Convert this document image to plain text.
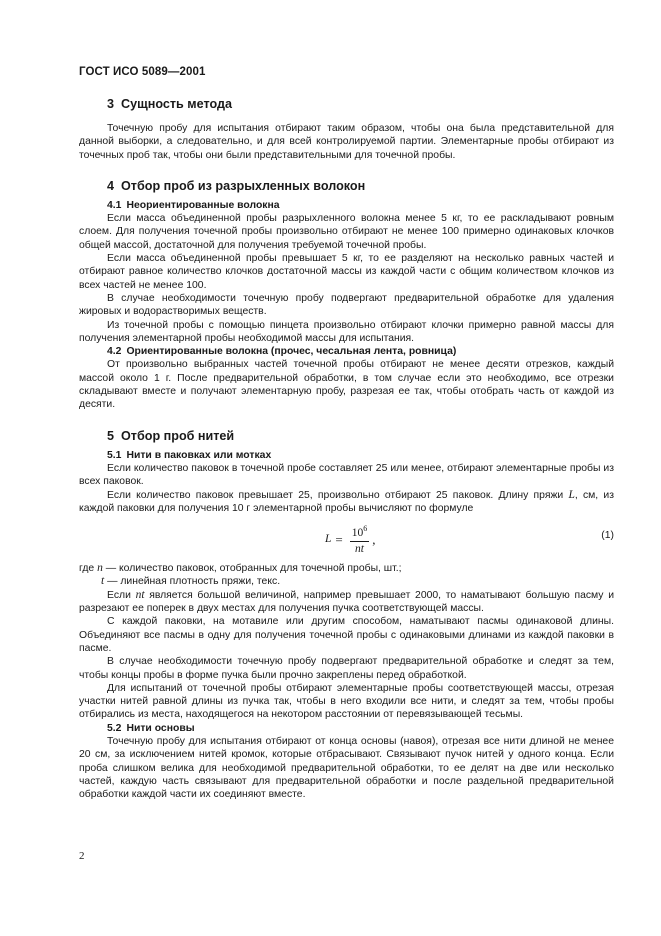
ГОСТ ИСО 5089—2001
3 Сущность метода

Точечную пробу для испытания отбирают таким образом, чтобы она была представительной для данной выборки, а следовательно, и для всей контролируемой партии. Элементарные пробы отбирают из точечных проб так, чтобы они были представительными для точечной пробы.

4 Отбор проб из разрыхленных волокон
4.1 Неориентированные волокна

Если масса объединенной пробы разрыхленного волокна менее 5 кг, то ее раскладывают ровным слоем. Для получения точечной пробы произвольно отбирают не менее 100 примерно одинаковых клочков общей массой, достаточной для получения требуемой точечной пробы.

Если масса объединенной пробы превышает 5 кг, то ее разделяют на несколько равных частей и отбирают равное количество клочков достаточной массы из каждой части с общим количеством клочков из всех частей не менее 100.

В случае необходимости точечную пробу подвергают предварительной обработке для удаления жировых и водорастворимых веществ.

Из точечной пробы с помощью пинцета произвольно отбирают клочки примерно равной массы для получения элементарной пробы необходимой массы для испытания.

4.2 Ориентированные волокна (прочес, чесальная лента, ровница)

От произвольно выбранных частей точечной пробы отбирают не менее десяти отрезков, каждый массой около 1 г. После предварительной обработки, в том случае если это необходимо, все отрезки складывают вместе и получают элементарную пробу, разрезая ее так, чтобы отобрать часть от каждой из десяти.

5 Отбор проб нитей
5.1 Нити в паковках или мотках

Если количество паковок в точечной пробе составляет 25 или менее, отбирают элементарные пробы из всех паковок.

Если количество паковок превышает 25, произвольно отбирают 25 паковок. Длину пряжи L, см, из каждой паковки для получения 10 г элементарной пробы вычисляют по формуле

$L = \frac{10^6}{nt}$ ,	(1)

где n — количество паковок, отобранных для точечной пробы, шт.;

t — линейная плотность пряжи, текс.

Если nt является большой величиной, например превышает 2000, то наматывают большую пасму и разрезают ее поперек в двух местах для получения пучка соответствующей массы.

С каждой паковки, на мотавиле или другим способом, наматывают пасмы одинаковой длины. Объединяют все пасмы в одну для получения точечной пробы с одинаковыми длинами из каждой паковки в пасме.

В случае необходимости точечную пробу подвергают предварительной обработке и следят за тем, чтобы концы пробы в форме пучка были прочно закреплены перед обработкой.

Для испытаний от точечной пробы отбирают элементарные пробы соответствующей массы, отрезая участки нитей равной длины из пучка так, чтобы в него входили все нити, и следят за тем, чтобы пробы отбирались из места, находящегося на некотором расстоянии от перевязывающей тесьмы.

5.2 Нити основы

Точечную пробу для испытания отбирают от конца основы (навоя), отрезая все нити длиной не менее 20 см, за исключением нитей кромок, которые отбрасывают. Связывают пучок нитей у одного конца. Если проба слишком велика для необходимой предварительной обработки, то ее делят на две или несколько частей, каждую часть связывают для предварительной обработки и после раздельной предварительной обработки каждой части их соединяют вместе.

2
